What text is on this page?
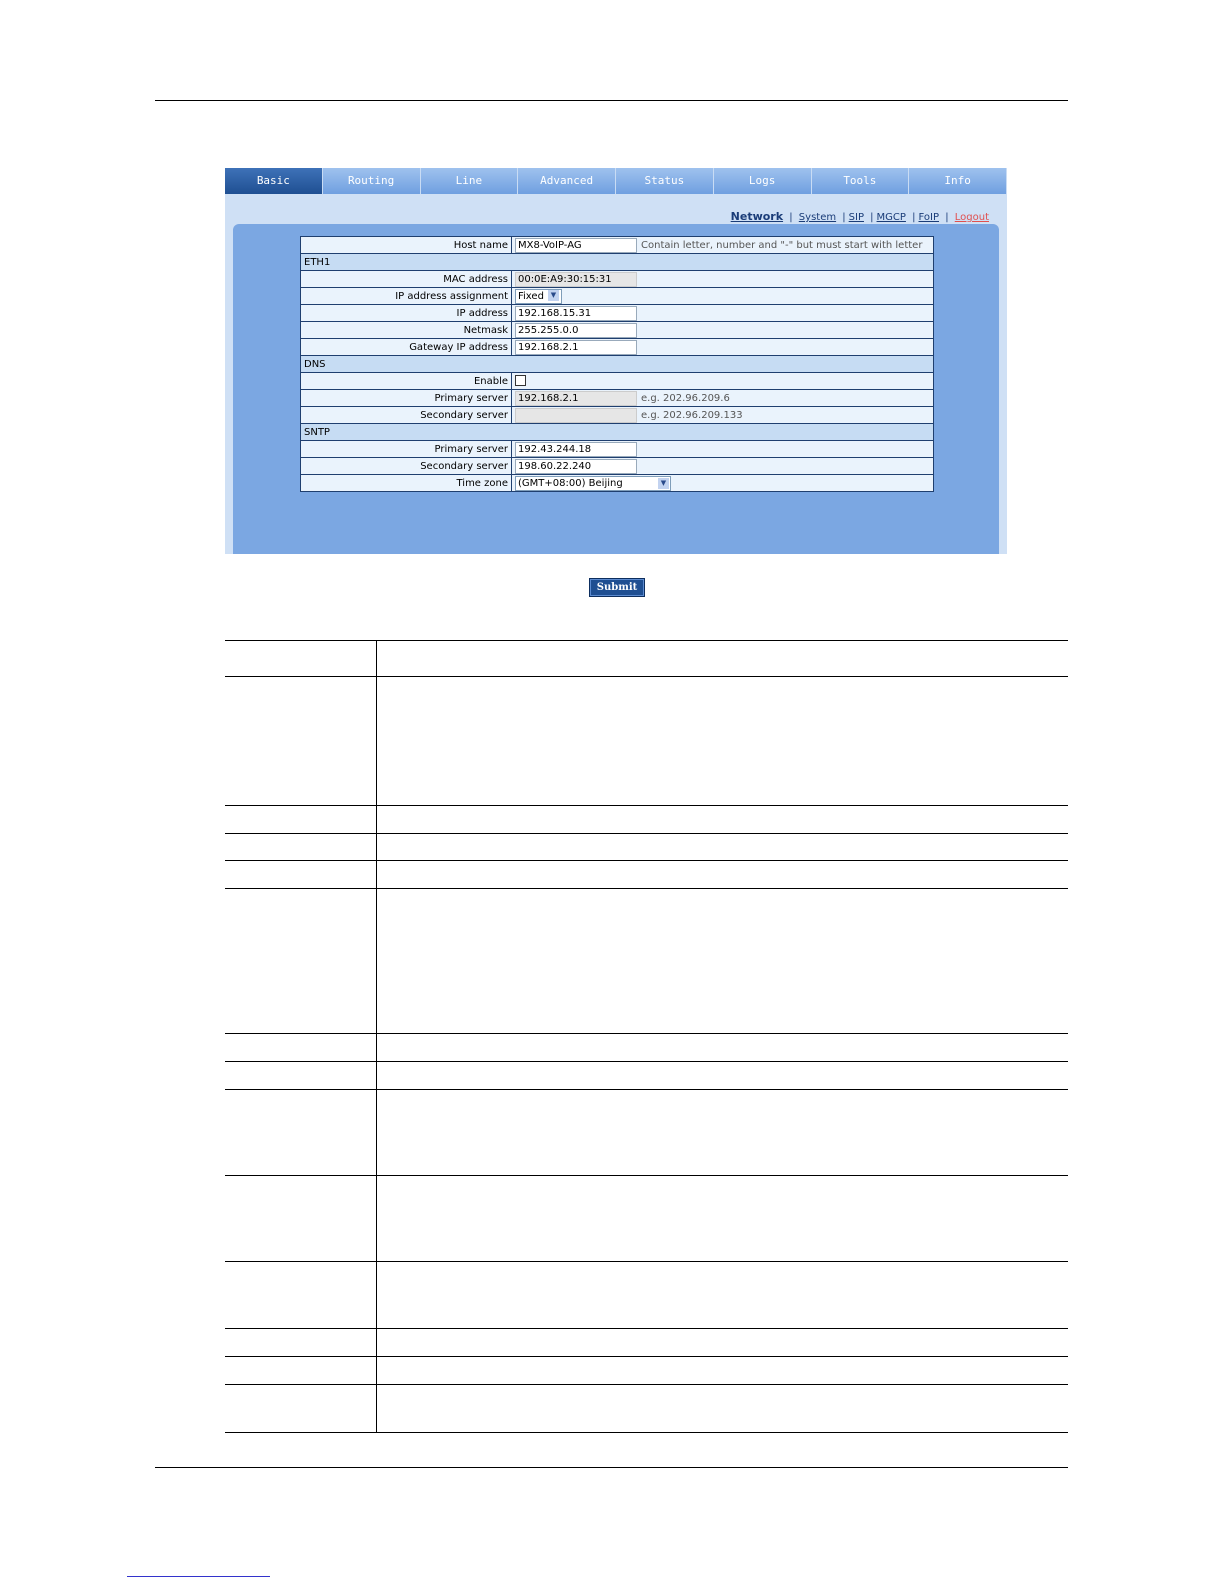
Basic	Routing	Line	Advanced	Status	Logs	Tools	Info
Network | System | SIP | MGCP | FoIP | Logout
Host name	MX8-VoIP-AG Contain letter, number and "-" but must start with letter
ETH1	
MAC address	00:0E:A9:30:15:31
IP address assignment	Fixed ▼
IP address	192.168.15.31
Netmask	255.255.0.0
Gateway IP address	192.168.2.1
DNS	
Enable	
Primary server	192.168.2.1 e.g. 202.96.209.6
Secondary server	e.g. 202.96.209.133
SNTP	
Primary server	192.43.244.18
Secondary server	198.60.22.240
Time zone	(GMT+08:00) Beijing ▼
Submit
